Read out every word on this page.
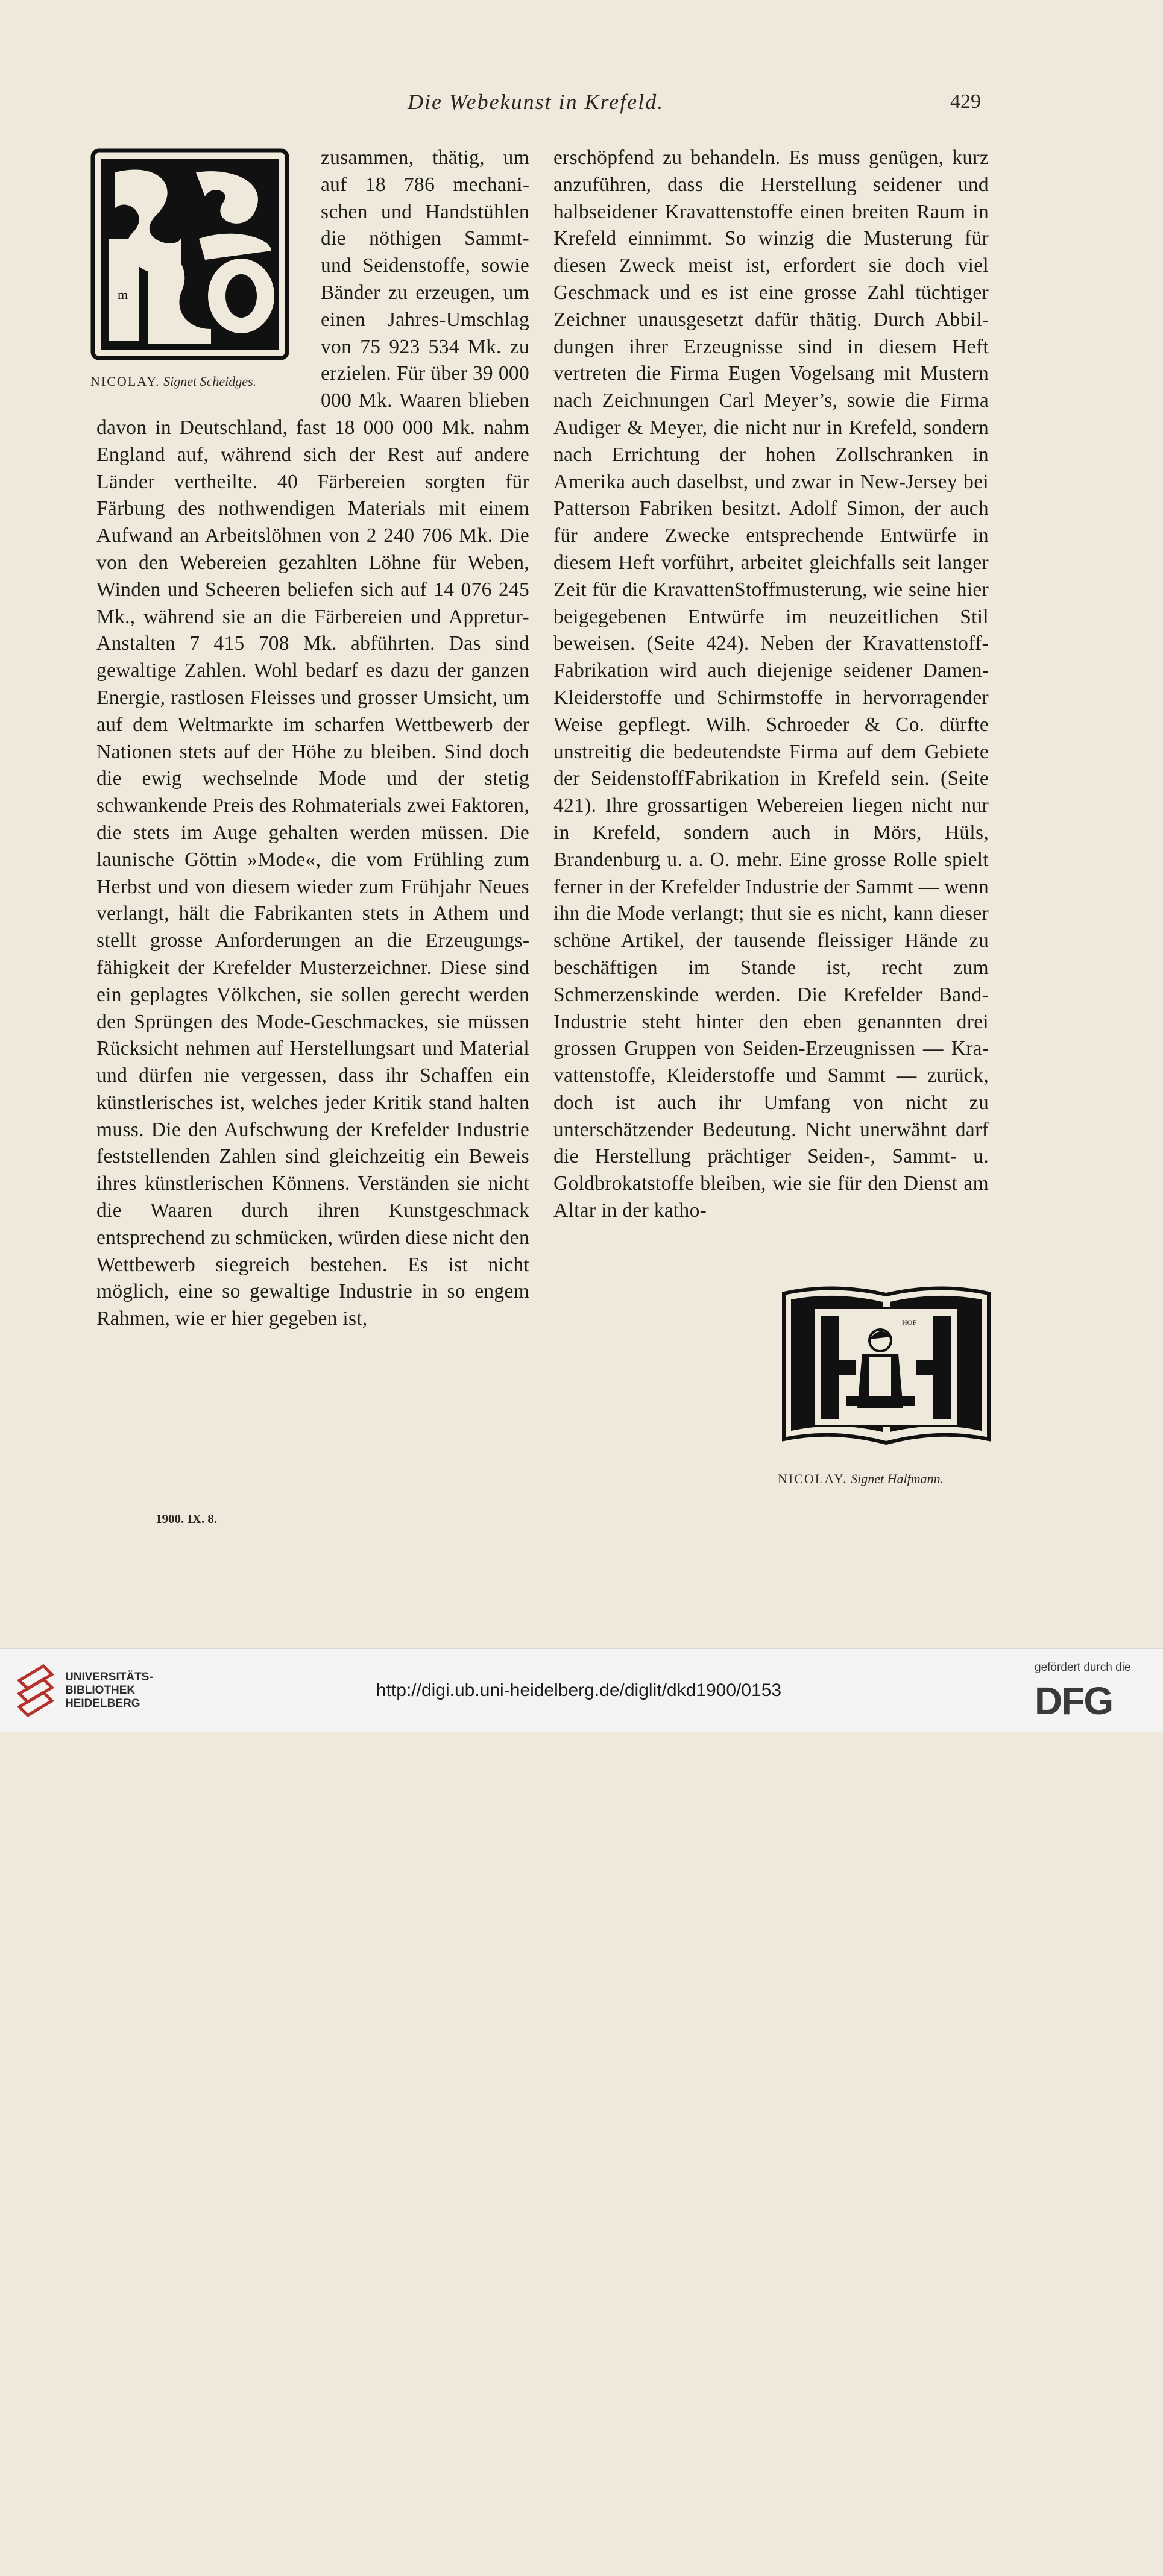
Die Webekunst in Krefeld.	429
m
NICOLAY. Signet Scheidges.
HOF
NICOLAY. Signet Halfmann.

zusammen, thätig, um auf 18 786 mechanischen und Handstühlen die nöthigen Sammt- und Seidenstoffe, sowie Bänder zu erzeugen, um einen Jahres-Umschlag von 75 923 534 Mk. zu erzielen. Für über 39 000 000 Mk. Waaren blieben davon in Deutschland, fast 18 000 000 Mk. nahm England auf, während sich der Rest auf andere Länder vertheilte. 40 Färbereien sorgten für Färbung des nothwendigen Materials mit einem Aufwand an Arbeitslöhnen von 2 240 706 Mk. Die von den Webereien gezahlten Löhne für Weben, Winden und Scheeren beliefen sich auf 14 076 245 Mk., während sie an die Färbereien und Appretur-Anstalten 7 415 708 Mk. abführten. Das sind gewaltige Zahlen. Wohl bedarf es dazu der ganzen Energie, rastlosen Fleisses und grosser Umsicht, um auf dem Weltmarkte im scharfen Wettbewerb der Nationen stets auf der Höhe zu bleiben. Sind doch die ewig wechselnde Mode und der stetig schwankende Preis des Rohmaterials zwei Faktoren, die stets im Auge gehalten werden müssen. Die launische Göttin »Mode«, die vom Frühling zum Herbst und von diesem wieder zum Frühjahr Neues verlangt, hält die Fabrikanten stets in Athem und stellt grosse Anforderungen an die Erzeugungsfähigkeit der Krefelder Musterzeichner. Diese sind ein geplagtes Völkchen, sie sollen gerecht werden den Sprüngen des Mode-Geschmackes, sie müssen Rücksicht nehmen auf Herstellungsart und Material und dürfen nie vergessen, dass ihr Schaffen ein künstlerisches ist, welches jeder Kritik stand halten muss. Die den Aufschwung der Krefelder Industrie feststellenden Zahlen sind gleichzeitig ein Beweis ihres künstlerischen Könnens. Verständen sie nicht die Waaren durch ihren Kunstgeschmack entsprechend zu schmücken, würden diese nicht den Wettbewerb siegreich bestehen. Es ist nicht möglich, eine so gewaltige Industrie in so engem Rahmen, wie er hier gegeben ist,

erschöpfend zu behandeln. Es muss genügen, kurz anzuführen, dass die Herstellung seidener und halbseidener Kravattenstoffe einen breiten Raum in Krefeld einnimmt. So winzig die Musterung für diesen Zweck meist ist, erfordert sie doch viel Geschmack und es ist eine grosse Zahl tüchtiger Zeichner unausgesetzt dafür thätig. Durch Abbildungen ihrer Erzeugnisse sind in diesem Heft vertreten die Firma Eugen Vogelsang mit Mustern nach Zeichnungen Carl Meyer’s, sowie die Firma Audiger & Meyer, die nicht nur in Krefeld, sondern nach Errichtung der hohen Zollschranken in Amerika auch daselbst, und zwar in New-Jersey bei Patterson Fabriken besitzt. Adolf Simon, der auch für andere Zwecke entsprechende Entwürfe in diesem Heft vorführt, arbeitet gleichfalls seit langer Zeit für die KravattenStoffmusterung, wie seine hier beigegebenen Entwürfe im neuzeitlichen Stil beweisen. (Seite 424). Neben der Kravattenstoff-Fabrikation wird auch diejenige seidener DamenKleiderstoffe und Schirmstoffe in hervorragender Weise gepflegt. Wilh. Schroeder & Co. dürfte unstreitig die bedeutendste Firma auf dem Gebiete der SeidenstoffFabrikation in Krefeld sein. (Seite 421). Ihre grossartigen Webereien liegen nicht nur in Krefeld, sondern auch in Mörs, Hüls, Brandenburg u. a. O. mehr. Eine grosse Rolle spielt ferner in der Krefelder Industrie der Sammt — wenn ihn die Mode verlangt; thut sie es nicht, kann dieser schöne Artikel, der tausende fleissiger Hände zu beschäftigen im Stande ist, recht zum Schmerzenskinde werden. Die Krefelder Band-Industrie steht hinter den eben genannten drei grossen Gruppen von Seiden-Erzeugnissen — Kravattenstoffe, Kleiderstoffe und Sammt — zurück, doch ist auch ihr Umfang von nicht zu unterschätzender Bedeutung. Nicht unerwähnt darf die Herstellung prächtiger Seiden-, Sammt- u. Goldbrokatstoffe bleiben, wie sie für den Dienst am Altar in der katho-

1900. IX. 8.
UNIVERSITÄTS-
BIBLIOTHEK
HEIDELBERG
http://digi.ub.uni-heidelberg.de/diglit/dkd1900/0153
gefördert durch die
DFG
